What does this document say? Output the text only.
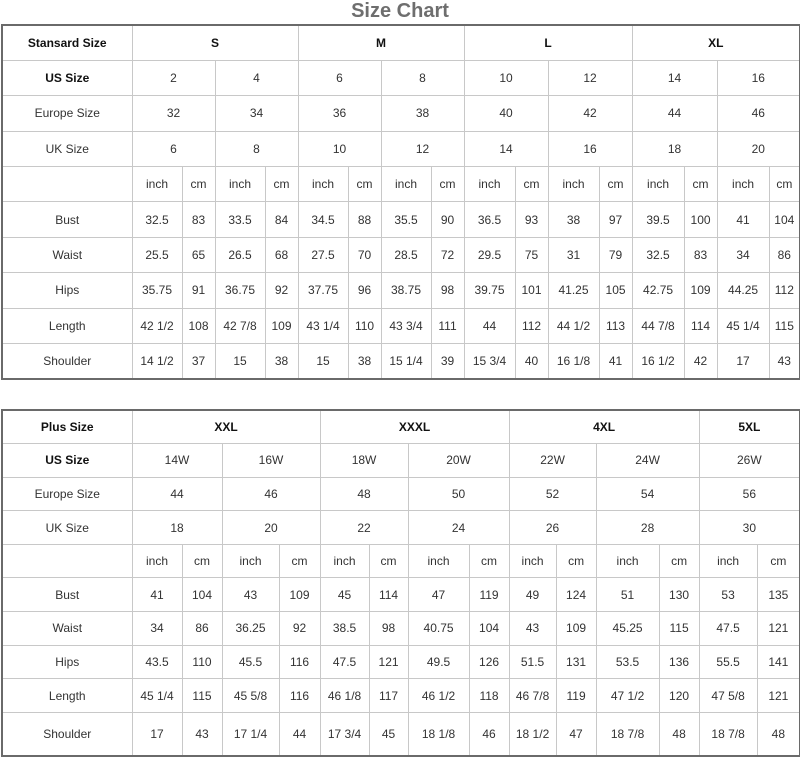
Size Chart
Stansard Size	S				M				L				XL			
US Size	2		4		6		8		10		12		14		16	
Europe Size	32		34		36		38		40		42		44		46	
UK Size	6		8		10		12		14		16		18		20	
	inch	cm	inch	cm	inch	cm	inch	cm	inch	cm	inch	cm	inch	cm	inch	cm
Bust	32.5	83	33.5	84	34.5	88	35.5	90	36.5	93	38	97	39.5	100	41	104
Waist	25.5	65	26.5	68	27.5	70	28.5	72	29.5	75	31	79	32.5	83	34	86
Hips	35.75	91	36.75	92	37.75	96	38.75	98	39.75	101	41.25	105	42.75	109	44.25	112
Length	42 1/2	108	42 7/8	109	43 1/4	110	43 3/4	111	44	112	44 1/2	113	44 7/8	114	45 1/4	115
Shoulder	14 1/2	37	15	38	15	38	15 1/4	39	15 3/4	40	16 1/8	41	16 1/2	42	17	43
Plus Size	XXL				XXXL				4XL				5XL	
US Size	14W		16W		18W		20W		22W		24W		26W	
Europe Size	44		46		48		50		52		54		56	
UK Size	18		20		22		24		26		28		30	
	inch	cm	inch	cm	inch	cm	inch	cm	inch	cm	inch	cm	inch	cm
Bust	41	104	43	109	45	114	47	119	49	124	51	130	53	135
Waist	34	86	36.25	92	38.5	98	40.75	104	43	109	45.25	115	47.5	121
Hips	43.5	110	45.5	116	47.5	121	49.5	126	51.5	131	53.5	136	55.5	141
Length	45 1/4	115	45 5/8	116	46 1/8	117	46 1/2	118	46 7/8	119	47 1/2	120	47 5/8	121
Shoulder	17	43	17 1/4	44	17 3/4	45	18 1/8	46	18 1/2	47	18 7/8	48	18 7/8	48
